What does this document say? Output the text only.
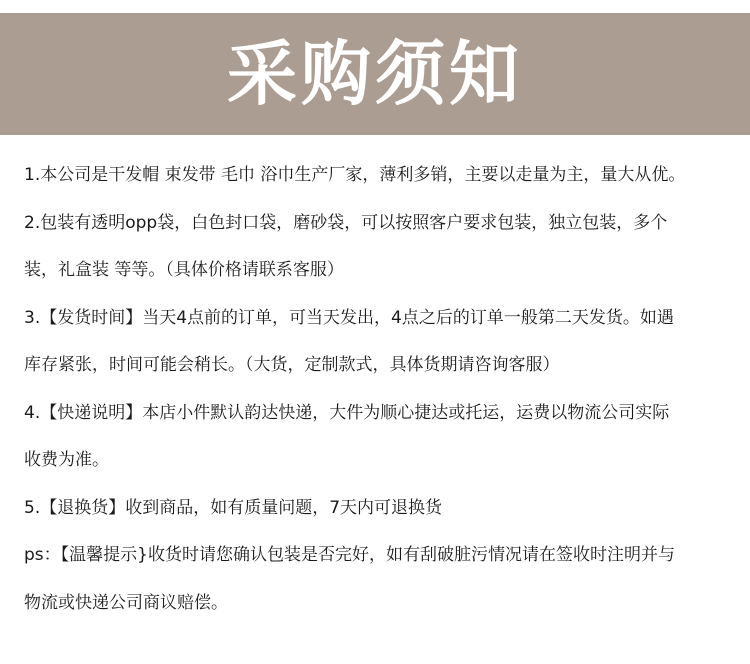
采购须知
1.本公司是干发帽 束发带 毛巾 浴巾生产厂家，薄利多销，主要以走量为主，量大从优。
2.包装有透明opp袋，白色封口袋，磨砂袋，可以按照客户要求包装，独立包装，多个
装，礼盒装 等等。（具体价格请联系客服）
3.【发货时间】当天4点前的订单，可当天发出，4点之后的订单一般第二天发货。如遇
库存紧张，时间可能会稍长。（大货，定制款式，具体货期请咨询客服）
4.【快递说明】本店小件默认韵达快递，大件为顺心捷达或托运，运费以物流公司实际
收费为准。
5.【退换货】收到商品，如有质量问题，7天内可退换货
ps：【温馨提示}收货时请您确认包装是否完好，如有刮破脏污情况请在签收时注明并与
物流或快递公司商议赔偿。
